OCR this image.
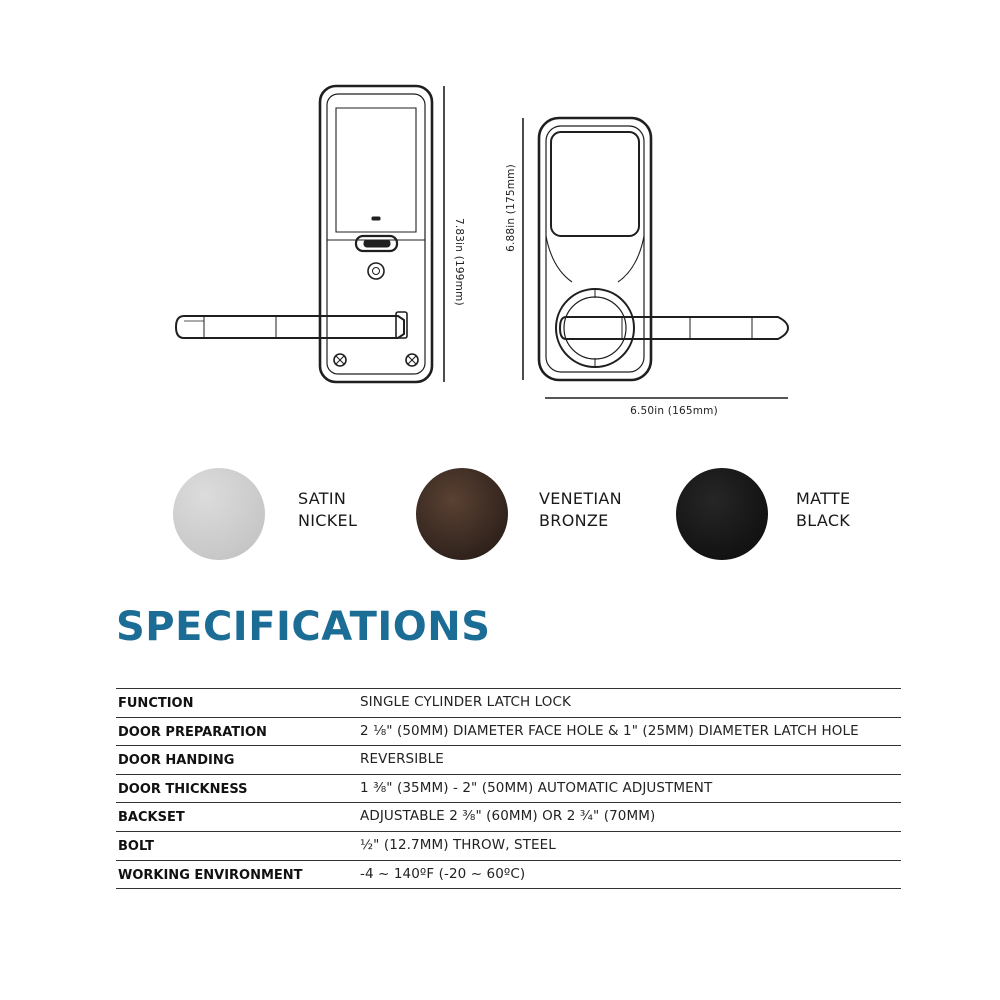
7.83in (199mm)
6.88in (175mm)
6.50in (165mm)
SATIN
NICKEL
VENETIAN
BRONZE
MATTE
BLACK
SPECIFICATIONS
FUNCTION	SINGLE CYLINDER LATCH LOCK
DOOR PREPARATION	2 ⅛" (50MM) DIAMETER FACE HOLE & 1" (25MM) DIAMETER LATCH HOLE
DOOR HANDING	REVERSIBLE
DOOR THICKNESS	1 ⅜" (35MM) - 2" (50MM) AUTOMATIC ADJUSTMENT
BACKSET	ADJUSTABLE 2 ⅜" (60MM) OR 2 ¾" (70MM)
BOLT	½" (12.7MM) THROW, STEEL
WORKING ENVIRONMENT	-4 ~ 140ºF (-20 ~ 60ºC)
